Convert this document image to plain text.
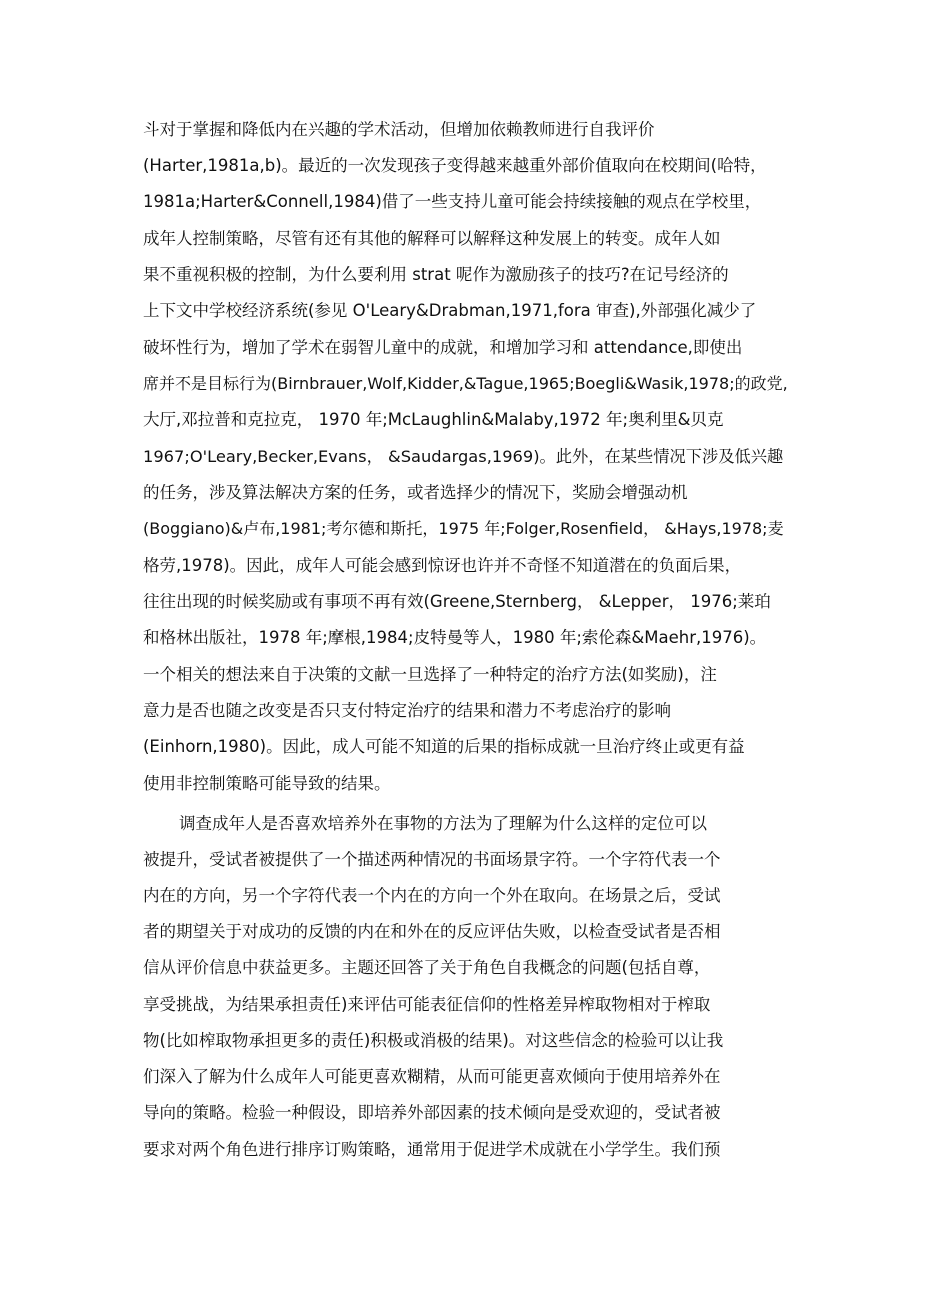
斗对于掌握和降低内在兴趣的学术活动，但增加依赖教师进行自我评价
(Harter,1981a,b)。最近的一次发现孩子变得越来越重外部价值取向在校期间(哈特，
1981a;Harter&Connell,1984)借了一些支持儿童可能会持续接触的观点在学校里，
成年人控制策略，尽管有还有其他的解释可以解释这种发展上的转变。成年人如
果不重视积极的控制，为什么要利用 strat 呢作为激励孩子的技巧?在记号经济的
上下文中学校经济系统(参见 O'Leary&Drabman,1971,fora 审查),外部强化减少了
破坏性行为，增加了学术在弱智儿童中的成就，和增加学习和 attendance,即使出
席并不是目标行为(Birnbrauer,Wolf,Kidder,&Tague,1965;Boegli&Wasik,1978;的政党,
大厅,邓拉普和克拉克， 1970 年;McLaughlin&Malaby,1972 年;奥利里&贝克
1967;O'Leary,Becker,Evans， &Saudargas,1969)。此外，在某些情况下涉及低兴趣
的任务，涉及算法解决方案的任务，或者选择少的情况下，奖励会增强动机
(Boggiano)&卢布,1981;考尔德和斯托，1975 年;Folger,Rosenfield， &Hays,1978;麦
格劳,1978)。因此，成年人可能会感到惊讶也许并不奇怪不知道潜在的负面后果，
往往出现的时候奖励或有事项不再有效(Greene,Sternberg， &Lepper， 1976;莱珀
和格林出版社，1978 年;摩根,1984;皮特曼等人，1980 年;索伦森&Maehr,1976)。
一个相关的想法来自于决策的文献一旦选择了一种特定的治疗方法(如奖励)，注
意力是否也随之改变是否只支付特定治疗的结果和潜力不考虑治疗的影响
(Einhorn,1980)。因此，成人可能不知道的后果的指标成就一旦治疗终止或更有益
使用非控制策略可能导致的结果。
调查成年人是否喜欢培养外在事物的方法为了理解为什么这样的定位可以
被提升，受试者被提供了一个描述两种情况的书面场景字符。一个字符代表一个
内在的方向，另一个字符代表一个内在的方向一个外在取向。在场景之后，受试
者的期望关于对成功的反馈的内在和外在的反应评估失败，以检查受试者是否相
信从评价信息中获益更多。主题还回答了关于角色自我概念的问题(包括自尊，
享受挑战，为结果承担责任)来评估可能表征信仰的性格差异榨取物相对于榨取
物(比如榨取物承担更多的责任)积极或消极的结果)。对这些信念的检验可以让我
们深入了解为什么成年人可能更喜欢糊精，从而可能更喜欢倾向于使用培养外在
导向的策略。检验一种假设，即培养外部因素的技术倾向是受欢迎的，受试者被
要求对两个角色进行排序订购策略，通常用于促进学术成就在小学学生。我们预
